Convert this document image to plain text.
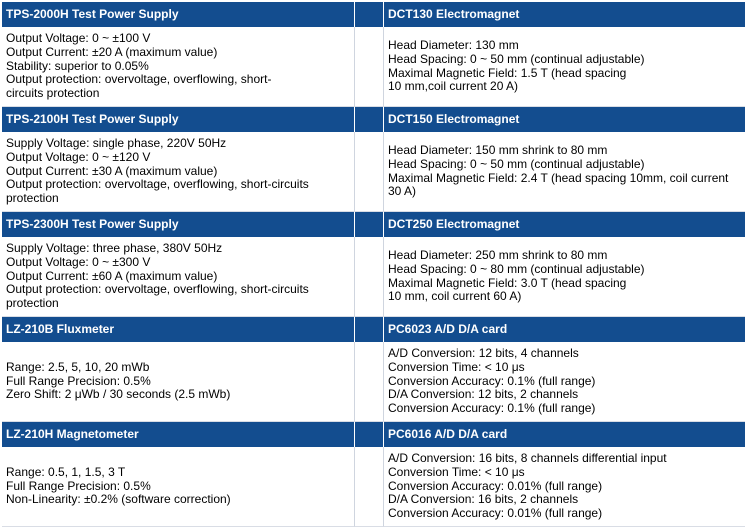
TPS-2000H Test Power Supply
Output Voltage: 0 ~ ±100 V
Output Current: ±20 A (maximum value)
Stability: superior to 0.05%
Output protection: overvoltage, overflowing, short-
circuits protection
TPS-2100H Test Power Supply
Supply Voltage: single phase, 220V 50Hz
Output Voltage: 0 ~ ±120 V
Output Current: ±30 A (maximum value)
Output protection: overvoltage, overflowing, short-circuits
protection
TPS-2300H Test Power Supply
Supply Voltage: three phase, 380V 50Hz
Output Voltage: 0 ~ ±300 V
Output Current: ±60 A (maximum value)
Output protection: overvoltage, overflowing, short-circuits
protection
LZ-210B Fluxmeter
Range: 2.5, 5, 10, 20 mWb
Full Range Precision: 0.5%
Zero Shift: 2 μWb / 30 seconds (2.5 mWb)
LZ-210H Magnetometer
Range: 0.5, 1, 1.5, 3 T
Full Range Precision: 0.5%
Non-Linearity: ±0.2% (software correction)
DCT130 Electromagnet
Head Diameter: 130 mm
Head Spacing: 0 ~ 50 mm (continual adjustable)
Maximal Magnetic Field: 1.5 T (head spacing
10 mm,coil current 20 A)
DCT150 Electromagnet
Head Diameter: 150 mm shrink to 80 mm
Head Spacing: 0 ~ 50 mm (continual adjustable)
Maximal Magnetic Field: 2.4 T (head spacing 10mm, coil current
30 A)
DCT250 Electromagnet
Head Diameter: 250 mm shrink to 80 mm
Head Spacing: 0 ~ 80 mm (continual adjustable)
Maximal Magnetic Field: 3.0 T (head spacing
10 mm, coil current 60 A)
PC6023 A/D D/A card
A/D Conversion: 12 bits, 4 channels
Conversion Time: < 10 μs
Conversion Accuracy: 0.1% (full range)
D/A Conversion: 12 bits, 2 channels
Conversion Accuracy: 0.1% (full range)
PC6016 A/D D/A card
A/D Conversion: 16 bits, 8 channels differential input
Conversion Time: < 10 μs
Conversion Accuracy: 0.01% (full range)
D/A Conversion: 16 bits, 2 channels
Conversion Accuracy: 0.01% (full range)
